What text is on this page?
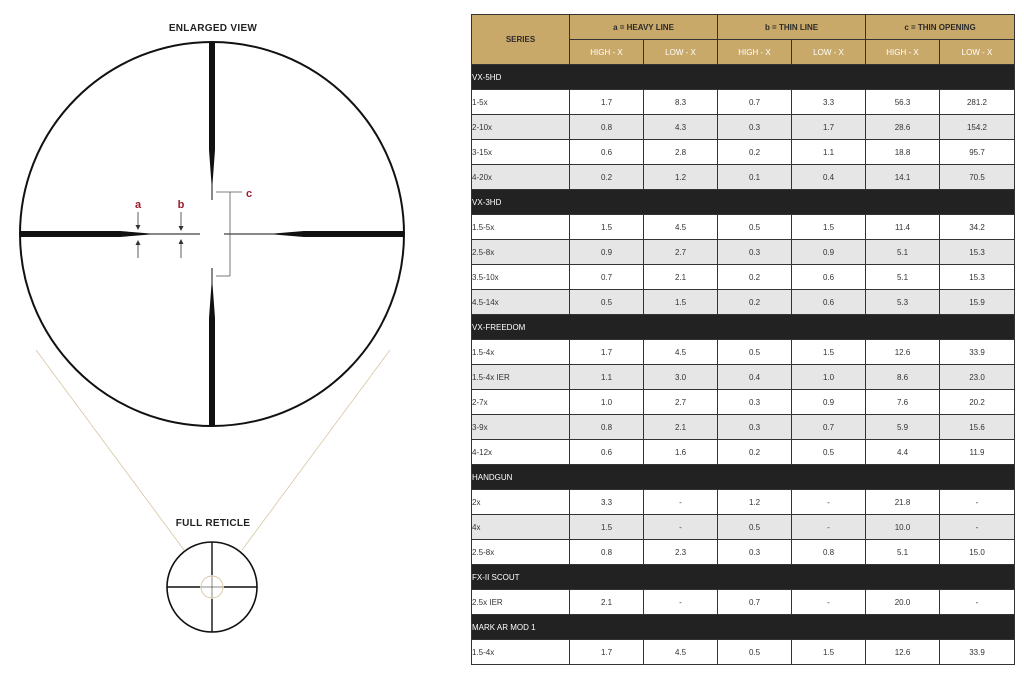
ENLARGED VIEW
a	b
c
FULL RETICLE
SERIES	a = HEAVY LINE		b = THIN LINE		c = THIN OPENING	
	HIGH - X	LOW - X	HIGH - X	LOW - X	HIGH - X	LOW - X
VX-5HD						
1-5x	1.7	8.3	0.7	3.3	56.3	281.2
2-10x	0.8	4.3	0.3	1.7	28.6	154.2
3-15x	0.6	2.8	0.2	1.1	18.8	95.7
4-20x	0.2	1.2	0.1	0.4	14.1	70.5
VX-3HD						
1.5-5x	1.5	4.5	0.5	1.5	11.4	34.2
2.5-8x	0.9	2.7	0.3	0.9	5.1	15.3
3.5-10x	0.7	2.1	0.2	0.6	5.1	15.3
4.5-14x	0.5	1.5	0.2	0.6	5.3	15.9
VX-FREEDOM						
1.5-4x	1.7	4.5	0.5	1.5	12.6	33.9
1.5-4x IER	1.1	3.0	0.4	1.0	8.6	23.0
2-7x	1.0	2.7	0.3	0.9	7.6	20.2
3-9x	0.8	2.1	0.3	0.7	5.9	15.6
4-12x	0.6	1.6	0.2	0.5	4.4	11.9
HANDGUN						
2x	3.3	-	1.2	-	21.8	-
4x	1.5	-	0.5	-	10.0	-
2.5-8x	0.8	2.3	0.3	0.8	5.1	15.0
FX-II SCOUT						
2.5x IER	2.1	-	0.7	-	20.0	-
MARK AR MOD 1						
1.5-4x	1.7	4.5	0.5	1.5	12.6	33.9
